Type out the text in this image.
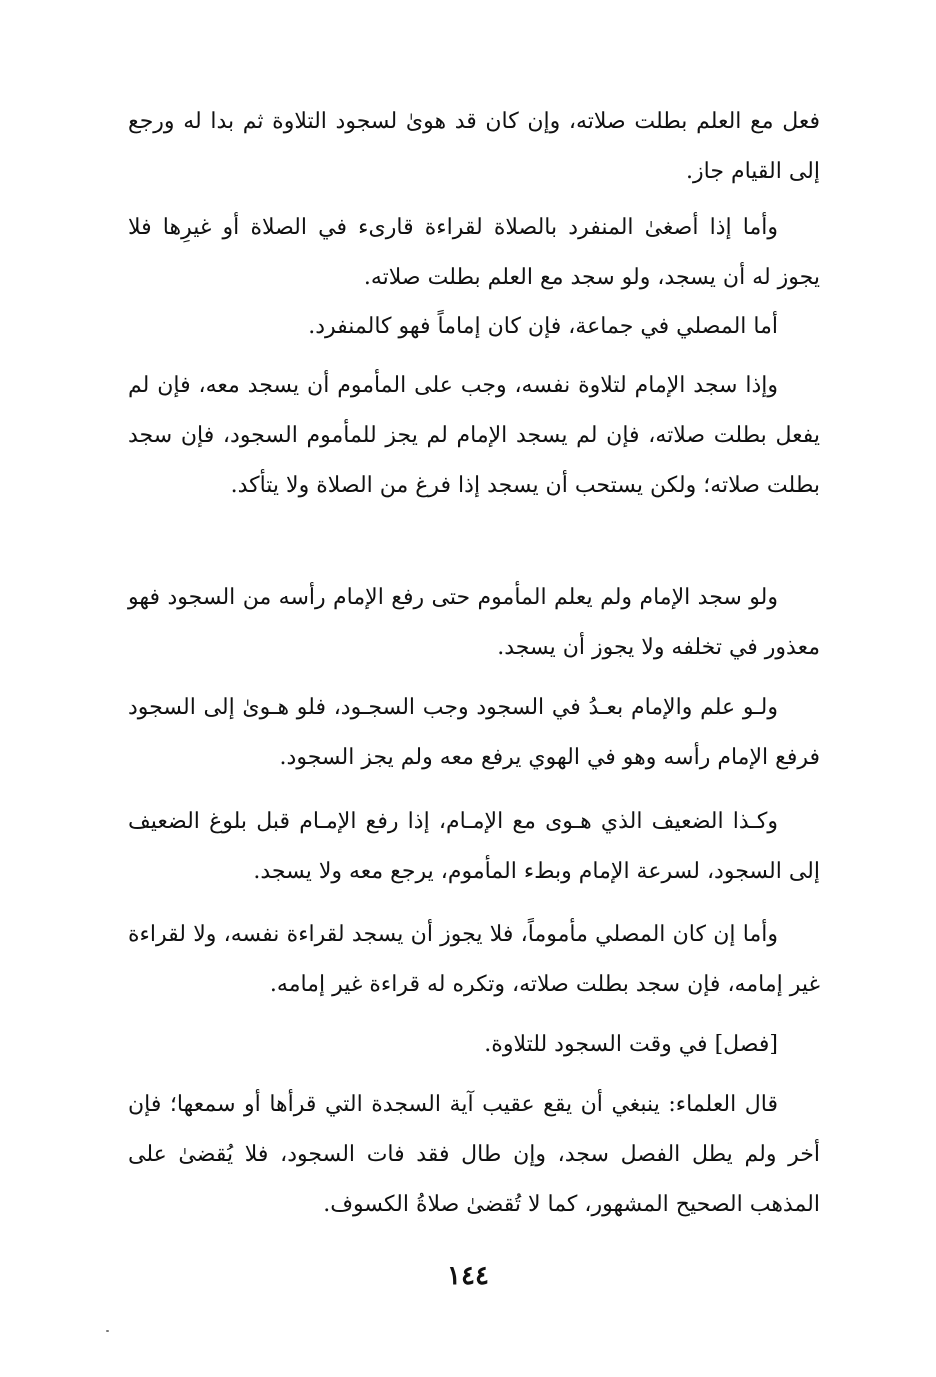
فعل مع العلم بطلت صلاته، وإن كان قد هوىٰ لسجود التلاوة ثم بدا له ورجع إلى القيام جاز.

وأما إذا أصغىٰ المنفرد بالصلاة لقراءة قارىء في الصلاة أو غيرِها فلا يجوز له أن يسجد، ولو سجد مع العلم بطلت صلاته.

أما المصلي في جماعة، فإن كان إماماً فهو كالمنفرد.

وإذا سجد الإمام لتلاوة نفسه، وجب على المأموم أن يسجد معه، فإن لم يفعل بطلت صلاته، فإن لم يسجد الإمام لم يجز للمأموم السجود، فإن سجد بطلت صلاته؛ ولكن يستحب أن يسجد إذا فرغ من الصلاة ولا يتأكد.

ولو سجد الإمام ولم يعلم المأموم حتى رفع الإمام رأسه من السجود فهو معذور في تخلفه ولا يجوز أن يسجد.

ولـو علم والإمام بعـدُ في السجود وجب السجـود، فلو هـوىٰ إلى السجود فرفع الإمام رأسه وهو في الهوي يرفع معه ولم يجز السجود.

وكـذا الضعيف الذي هـوى مع الإمـام، إذا رفع الإمـام قبل بلوغ الضعيف إلى السجود، لسرعة الإمام وبطء المأموم، يرجع معه ولا يسجد.

وأما إن كان المصلي مأموماً، فلا يجوز أن يسجد لقراءة نفسه، ولا لقراءة غير إمامه، فإن سجد بطلت صلاته، وتكره له قراءة غير إمامه.

[فصل] في وقت السجود للتلاوة.

قال العلماء: ينبغي أن يقع عقيب آية السجدة التي قرأها أو سمعها؛ فإن أخر ولم يطل الفصل سجد، وإن طال فقد فات السجود، فلا يُقضىٰ على المذهب الصحيح المشهور، كما لا تُقضىٰ صلاةُ الكسوف.

١٤٤
